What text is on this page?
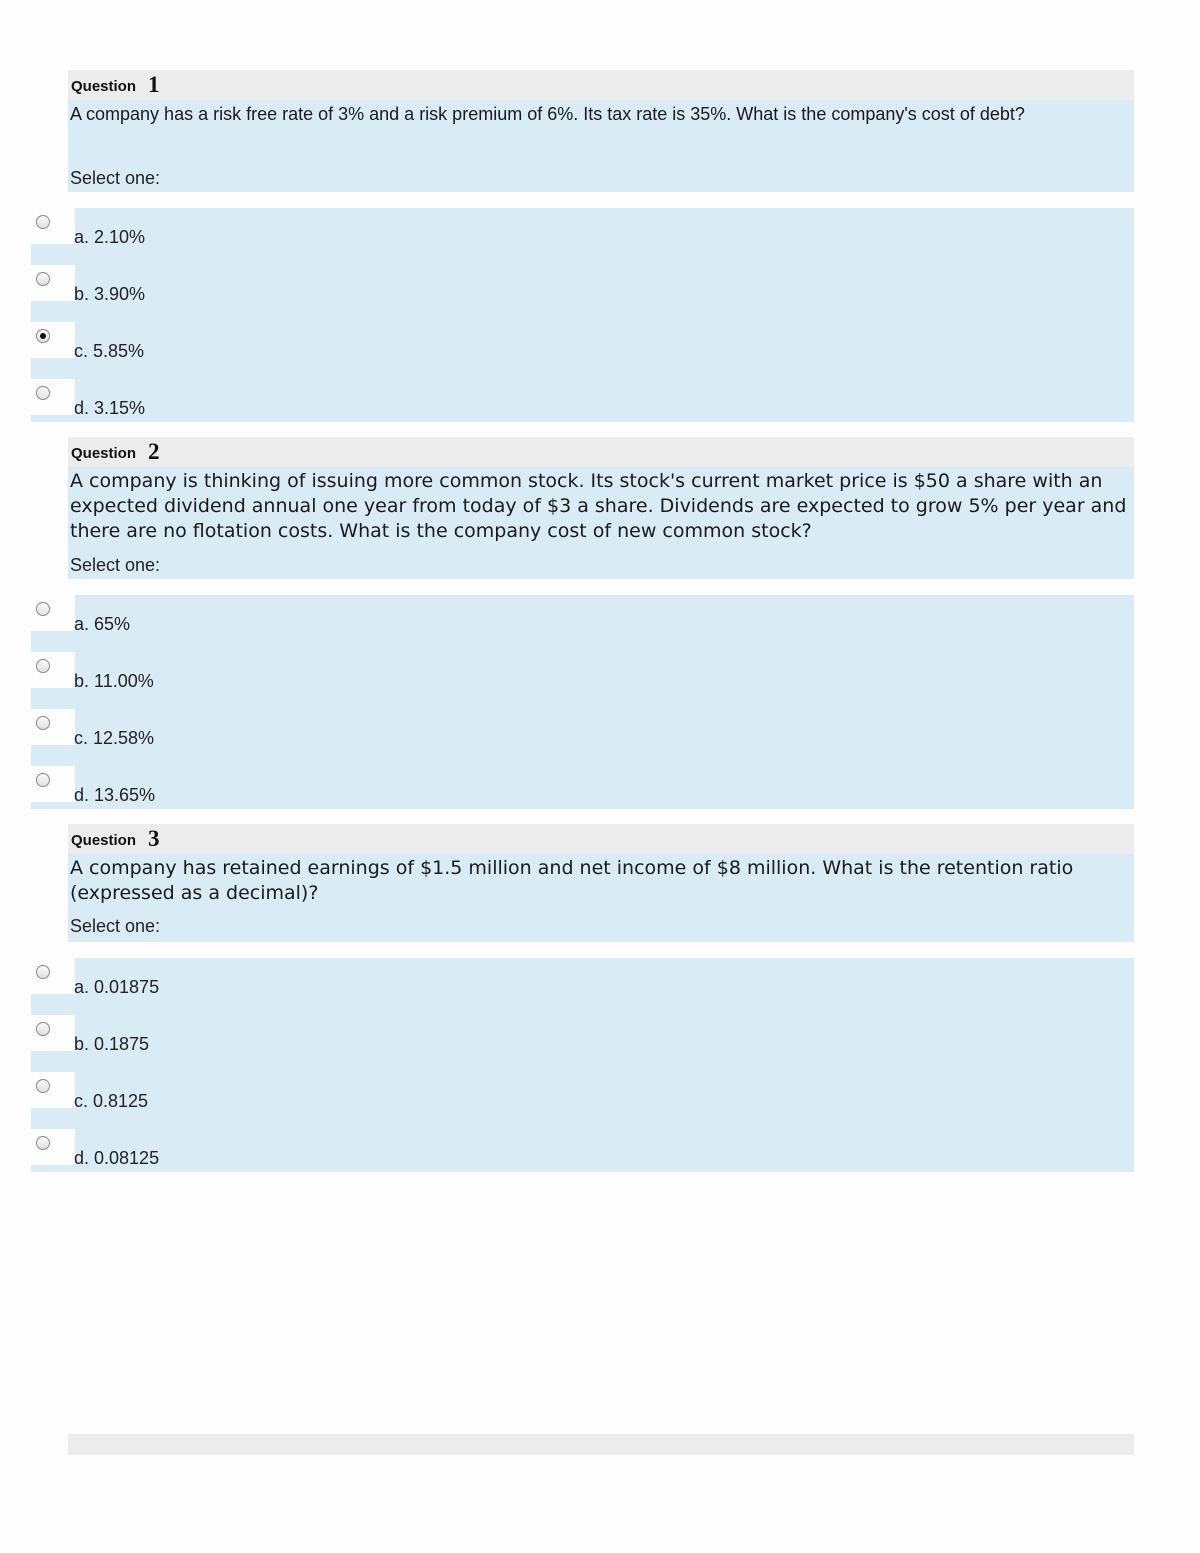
Question 1
A company has a risk free rate of 3% and a risk premium of 6%. Its tax rate is 35%. What is the company's cost of debt?
Select one:
a. 2.10%
b. 3.90%
c. 5.85%
d. 3.15%
Question 2
A company is thinking of issuing more common stock. Its stock's current market price is $50 a share with an expected dividend annual one year from today of $3 a share. Dividends are expected to grow 5% per year and there are no flotation costs. What is the company cost of new common stock?
Select one:
a. 65%
b. 11.00%
c. 12.58%
d. 13.65%
Question 3
A company has retained earnings of $1.5 million and net income of $8 million. What is the retention ratio (expressed as a decimal)?
Select one:
a. 0.01875
b. 0.1875
c. 0.8125
d. 0.08125
